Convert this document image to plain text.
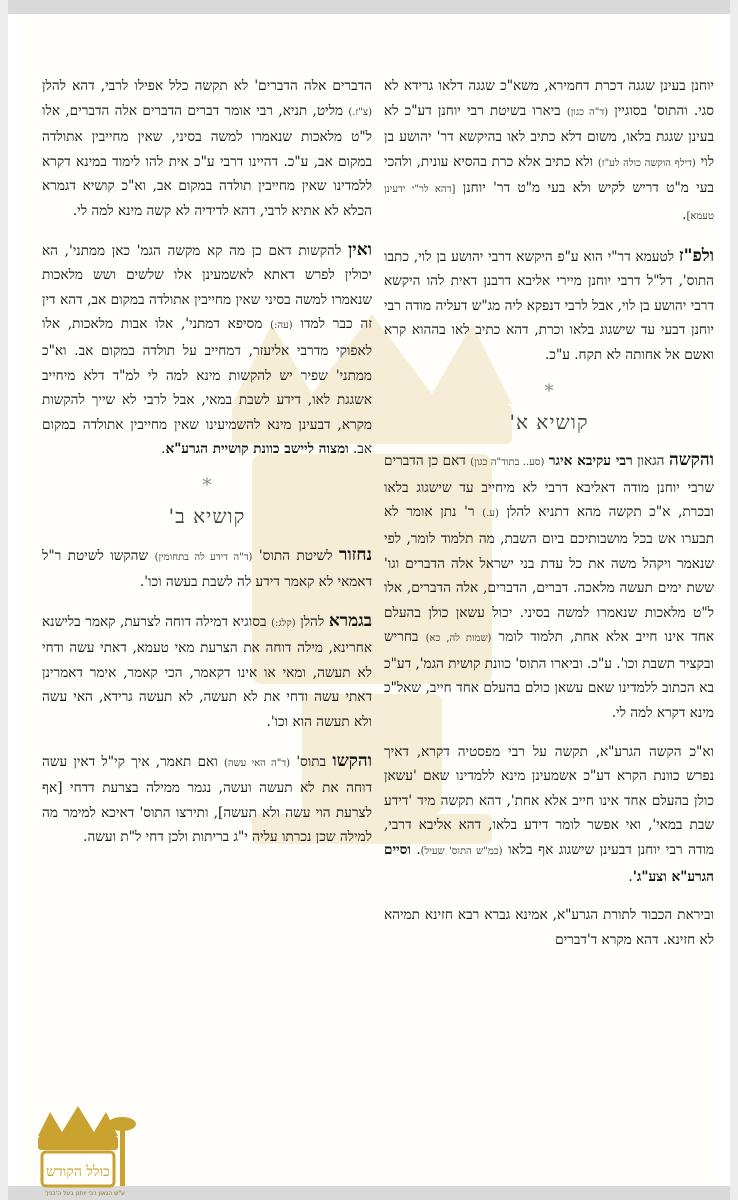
יוחנן בעינן שגגה דכרת דחמירא, משא"כ שגגה דלאו גרידא לא סגי. והתוס' בסוגיין (ד"ה כגון) ביארו בשיטת רבי יוחנן דע"כ לא בעינן שגגת בלאו, משום דלא כתיב לאו בהיקשא דר' יהושע בן לוי (דילף הוקשה כולה לע"ז) ולא כתיב אלא כרת בהסיא עונית, ולהכי בעי מ"ט דריש לקיש ולא בעי מ"ט דר' יוחנן [דהא לר"י ידעינן טעמא].

ולפ"ז לטעמא דר"י הוא ע"פ היקשא דרבי יהושע בן לוי, כתבו התוס', דל"ל דרבי יוחנן מיירי אליבא דרבנן דאית להו היקשא דרבי יהושע בן לוי, אבל לרבי דנפקא ליה מג"ש דעליה מודה רבי יוחנן דבעי עד שישגוג בלאו וכרת, דהא כתיב לאו בההוא קרא ואשם אל אחותה לא תקח. ע"כ.

*
קושיא א'

והקשה הגאון רבי עקיבא איגר (סע.. בתוד"ה כגון) דאם כן הדברים שרבי יוחנן מודה דאליבא דרבי לא מיחייב עד שישגוג בלאו ובכרת, א"כ תקשה מהא דתניא להלן (ע.) ר' נתן אומר לא תבערו אש בכל מושבותיכם ביום השבת, מה תלמוד לומר, לפי שנאמר ויקהל משה את כל עדת בני ישראל אלה הדברים וגו' ששת ימים תעשה מלאכה. דברים, הדברים, אלה הדברים, אלו ל"ט מלאכות שנאמרו למשה בסיני. יכול עשאן כולן בהעלם אחד אינו חייב אלא אחת, תלמוד לומר (שמות לה, כא) בחריש ובקציר תשבת וכו'. ע"כ. וביארו התוס' כוונת קושית הגמ', דע"כ בא הכתוב ללמדינו שאם עשאן כולם בהעלם אחד חייב, שאל"כ מינא דקרא למה לי.

וא"כ הקשה הגרע"א, תקשה על רבי מפסטיה דקרא, דאיך נפרש כוונת הקרא דע"כ אשמעינן מינא ללמדינו שאם 'עשאן כולן בהעלם אחד אינו חייב אלא אחת', דהא תקשה מיד 'דידע שבת במאי', ואי אפשר לומר דידע בלאו, דהא אליבא דרבי, מודה רבי יוחנן דבעינן שישגוג אף בלאו (כמ"ש התוס' שעיל). וסיים הגרע"א וצע"ג'.

וביראת הכבוד לתורת הגרע"א, אמינא גברא רבא חזינא תמיהא לא חזינא. דהא מקרא ד'דברים

הדברים אלה הדברים' לא תקשה כלל אפילו לרבי, דהא להלן (צ"ז.) מליט, תניא, רבי אומר דברים הדברים אלה הדברים, אלו ל"ט מלאכות שנאמרו למשה בסיני, שאין מחייבין אתולדה במקום אב, ע"כ. דהיינו דרבי ע"כ אית להו לימוד במינא דקרא ללמדינו שאין מחייבין תולדה במקום אב, וא"כ קושיא דגמרא הכלא לא אתיא לרבי, דהא לדידיה לא קשה מינא למה לי.

ואין להקשות דאם כן מה קא מקשה הגמ' כאן ממתני', הא יכולין לפרש דאתא לאשמעינן אלו שלשים ושש מלאכות שנאמרו למשה בסיני שאין מחייבין אתולדה במקום אב, דהא דין זה כבר למדו (עה:) מסיפא דמתני', אלו אבות מלאכות, אלו לאפוקי מדרבי אליעזר, דמחייב על תולדה במקום אב. וא"כ ממתני' שפיר יש להקשות מינא למה לי למ"ד דלא מיחייב אשגגת לאו, דידע לשבת במאי, אבל לרבי לא שייך להקשות מקרא, דבעינן מינא להשמיעינו שאין מחייבין אתולדה במקום אב. ומצוה ליישב כוונת קושיית הגרע"א.

*
קושיא ב'

נחזור לשיטת התוס' (ד"ה דידע לה בתחומין) שהקשו לשיטת ר"ל דאמאי לא קאמר דידע לה לשבת בעשה וכו'.

בגמרא להלן (קלג:) בסוגיא דמילה דוחה לצרעת, קאמר בלישנא אחרינא, מילה דוחה את הצרעת מאי טעמא, דאתי עשה ודחי לא תעשה, ומאי או אינו דקאמר, הכי קאמר, אימר דאמרינן דאתי עשה ודחי את לא תעשה, לא תעשה גרידא, האי עשה ולא תעשה הוא וכו'.

והקשו בתוס' (ד"ה האי עשה) ואם תאמר, איך קי"ל דאין עשה דוחה את לא תעשה ועשה, נגמר ממילה בצרעת דדחי [אף לצרעת הוי עשה ולא תעשה], ותירצו התוס' דאיכא למימר מה למילה שכן נכרתו עליה י"ג בריתות ולכן דחי ל"ת ועשה.

כולל הקודש
ע"ש הגאון רבי יוחנן בעל ה'בנין'
